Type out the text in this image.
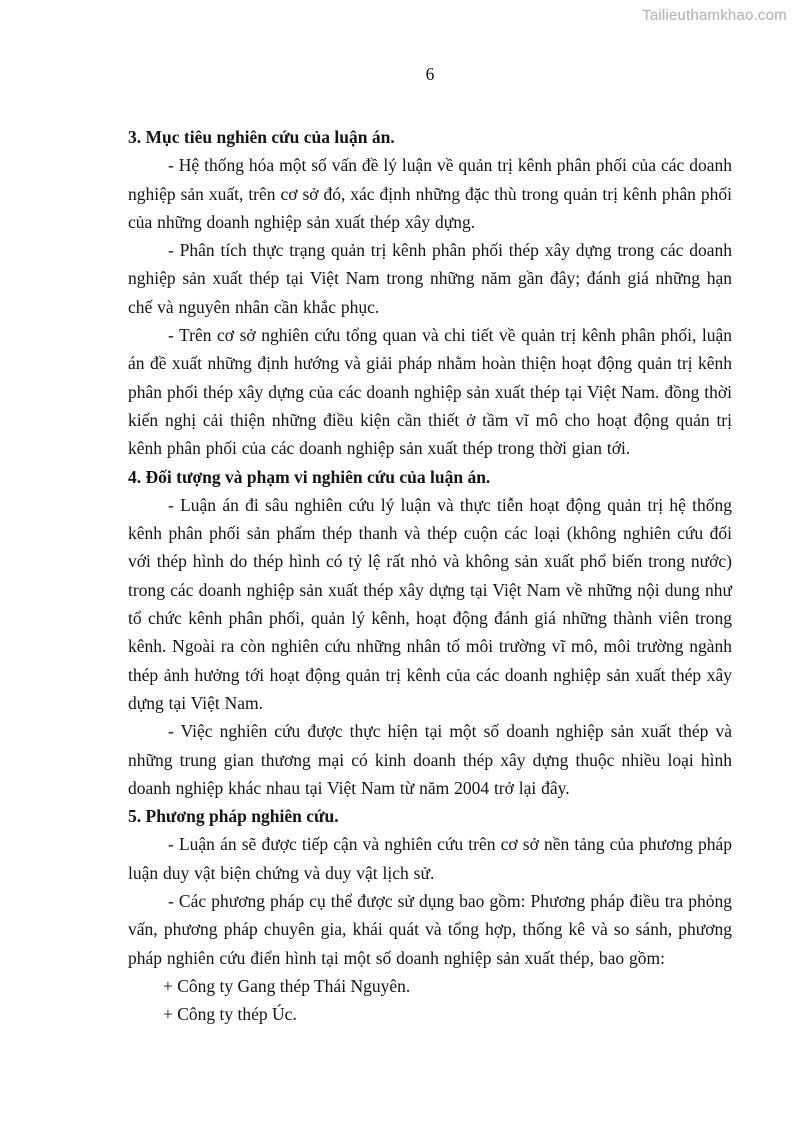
Tailieuthamkhao.com
6
3. Mục tiêu nghiên cứu của luận án.

- Hệ thống hóa một số vấn đề lý luận về quản trị kênh phân phối của các doanh nghiệp sản xuất, trên cơ sở đó, xác định những đặc thù trong quản trị kênh phân phối của những doanh nghiệp sản xuất thép xây dựng.

- Phân tích thực trạng quản trị kênh phân phối thép xây dựng trong các doanh nghiệp sản xuất thép tại Việt Nam trong những năm gần đây; đánh giá những hạn chế và nguyên nhân cần khắc phục.

- Trên cơ sở nghiên cứu tổng quan và chi tiết về quản trị kênh phân phối, luận án đề xuất những định hướng và giải pháp nhằm hoàn thiện hoạt động quản trị kênh phân phối thép xây dựng của các doanh nghiệp sản xuất thép tại Việt Nam. đồng thời kiến nghị cải thiện những điều kiện cần thiết ở tầm vĩ mô cho hoạt động quản trị kênh phân phối của các doanh nghiệp sản xuất thép trong thời gian tới.

4. Đối tượng và phạm vi nghiên cứu của luận án.

- Luận án đi sâu nghiên cứu lý luận và thực tiễn hoạt động quản trị hệ thống kênh phân phối sản phẩm thép thanh và thép cuộn các loại (không nghiên cứu đối với thép hình do thép hình có tỷ lệ rất nhỏ và không sản xuất phổ biến trong nước) trong các doanh nghiệp sản xuất thép xây dựng tại Việt Nam về những nội dung như tổ chức kênh phân phối, quản lý kênh, hoạt động đánh giá những thành viên trong kênh. Ngoài ra còn nghiên cứu những nhân tố môi trường vĩ mô, môi trường ngành thép ảnh hưởng tới hoạt động quản trị kênh của các doanh nghiệp sản xuất thép xây dựng tại Việt Nam.

- Việc nghiên cứu được thực hiện tại một số doanh nghiệp sản xuất thép và những trung gian thương mại có kinh doanh thép xây dựng thuộc nhiều loại hình doanh nghiệp khác nhau tại Việt Nam từ năm 2004 trở lại đây.

5. Phương pháp nghiên cứu.

- Luận án sẽ được tiếp cận và nghiên cứu trên cơ sở nền tảng của phương pháp luận duy vật biện chứng và duy vật lịch sử.

- Các phương pháp cụ thể được sử dụng bao gồm: Phương pháp điều tra phỏng vấn, phương pháp chuyên gia, khái quát và tổng hợp, thống kê và so sánh, phương pháp nghiên cứu điển hình tại một số doanh nghiệp sản xuất thép, bao gồm:

+ Công ty Gang thép Thái Nguyên.

+ Công ty thép Úc.
